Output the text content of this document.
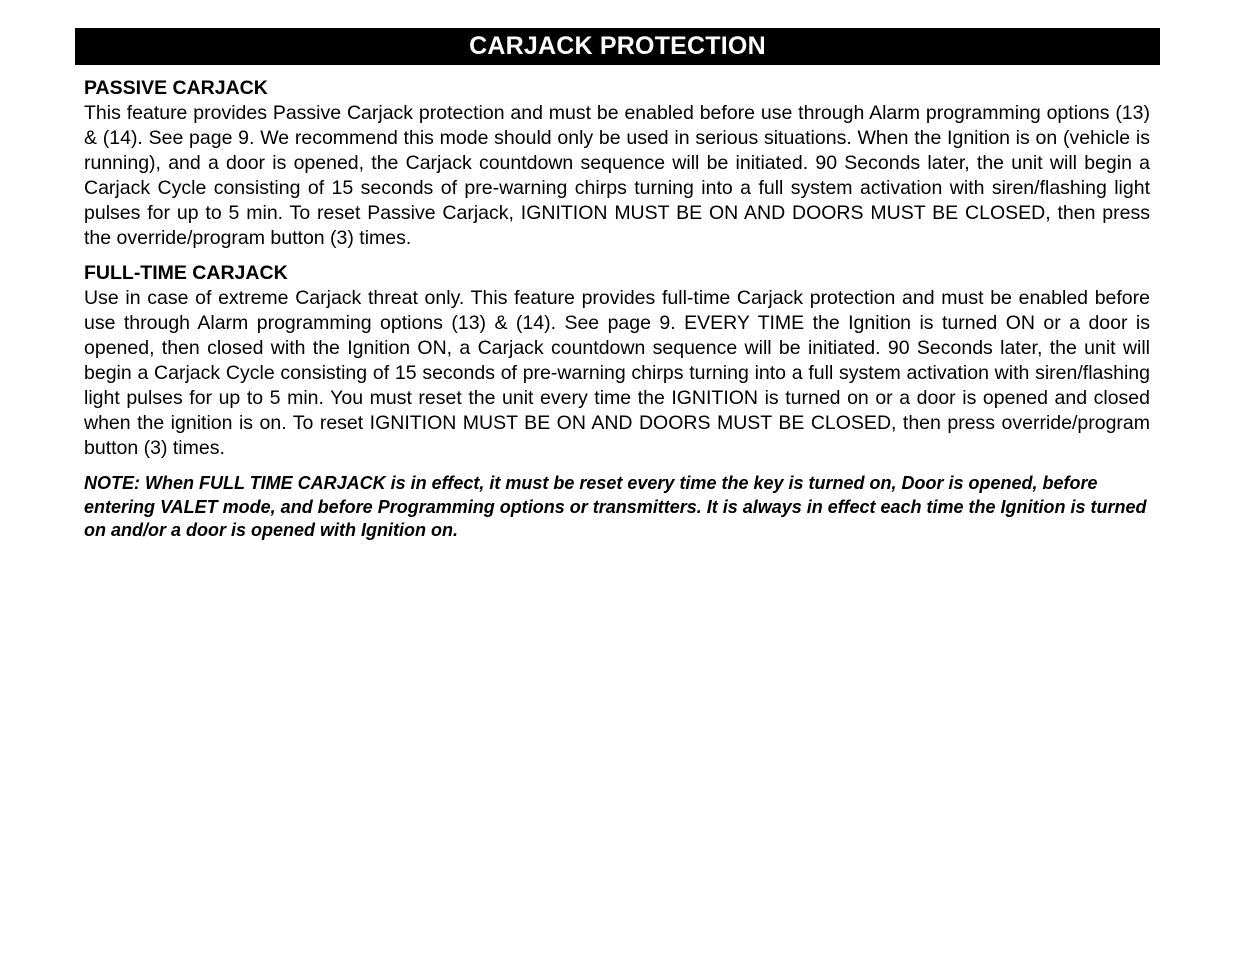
CARJACK PROTECTION

PASSIVE CARJACK

This feature provides Passive Carjack protection and must be enabled before use through Alarm programming options (13) & (14). See page 9. We recommend this mode should only be used in serious situations. When the Ignition is on (vehicle is running), and a door is opened, the Carjack countdown sequence will be initiated. 90 Seconds later, the unit will begin a Carjack Cycle consisting of 15 seconds of pre-warning chirps turning into a full system activation with siren/flashing light pulses for up to 5 min. To reset Passive Carjack, IGNITION MUST BE ON AND DOORS MUST BE CLOSED, then press the override/program button (3) times.

FULL-TIME CARJACK

Use in case of extreme Carjack threat only. This feature provides full-time Carjack protection and must be enabled before use through Alarm programming options (13) & (14). See page 9. EVERY TIME the Ignition is turned ON or a door is opened, then closed with the Ignition ON, a Carjack countdown sequence will be initiated. 90 Seconds later, the unit will begin a Carjack Cycle consisting of 15 seconds of pre-warning chirps turning into a full system activation with siren/flashing light pulses for up to 5 min. You must reset the unit every time the IGNITION is turned on or a door is opened and closed when the ignition is on. To reset IGNITION MUST BE ON AND DOORS MUST BE CLOSED, then press override/program button (3) times.

NOTE: When FULL TIME CARJACK is in effect, it must be reset every time the key is turned on, Door is opened, before entering VALET mode, and before Programming options or transmitters. It is always in effect each time the Ignition is turned on and/or a door is opened with Ignition on.
